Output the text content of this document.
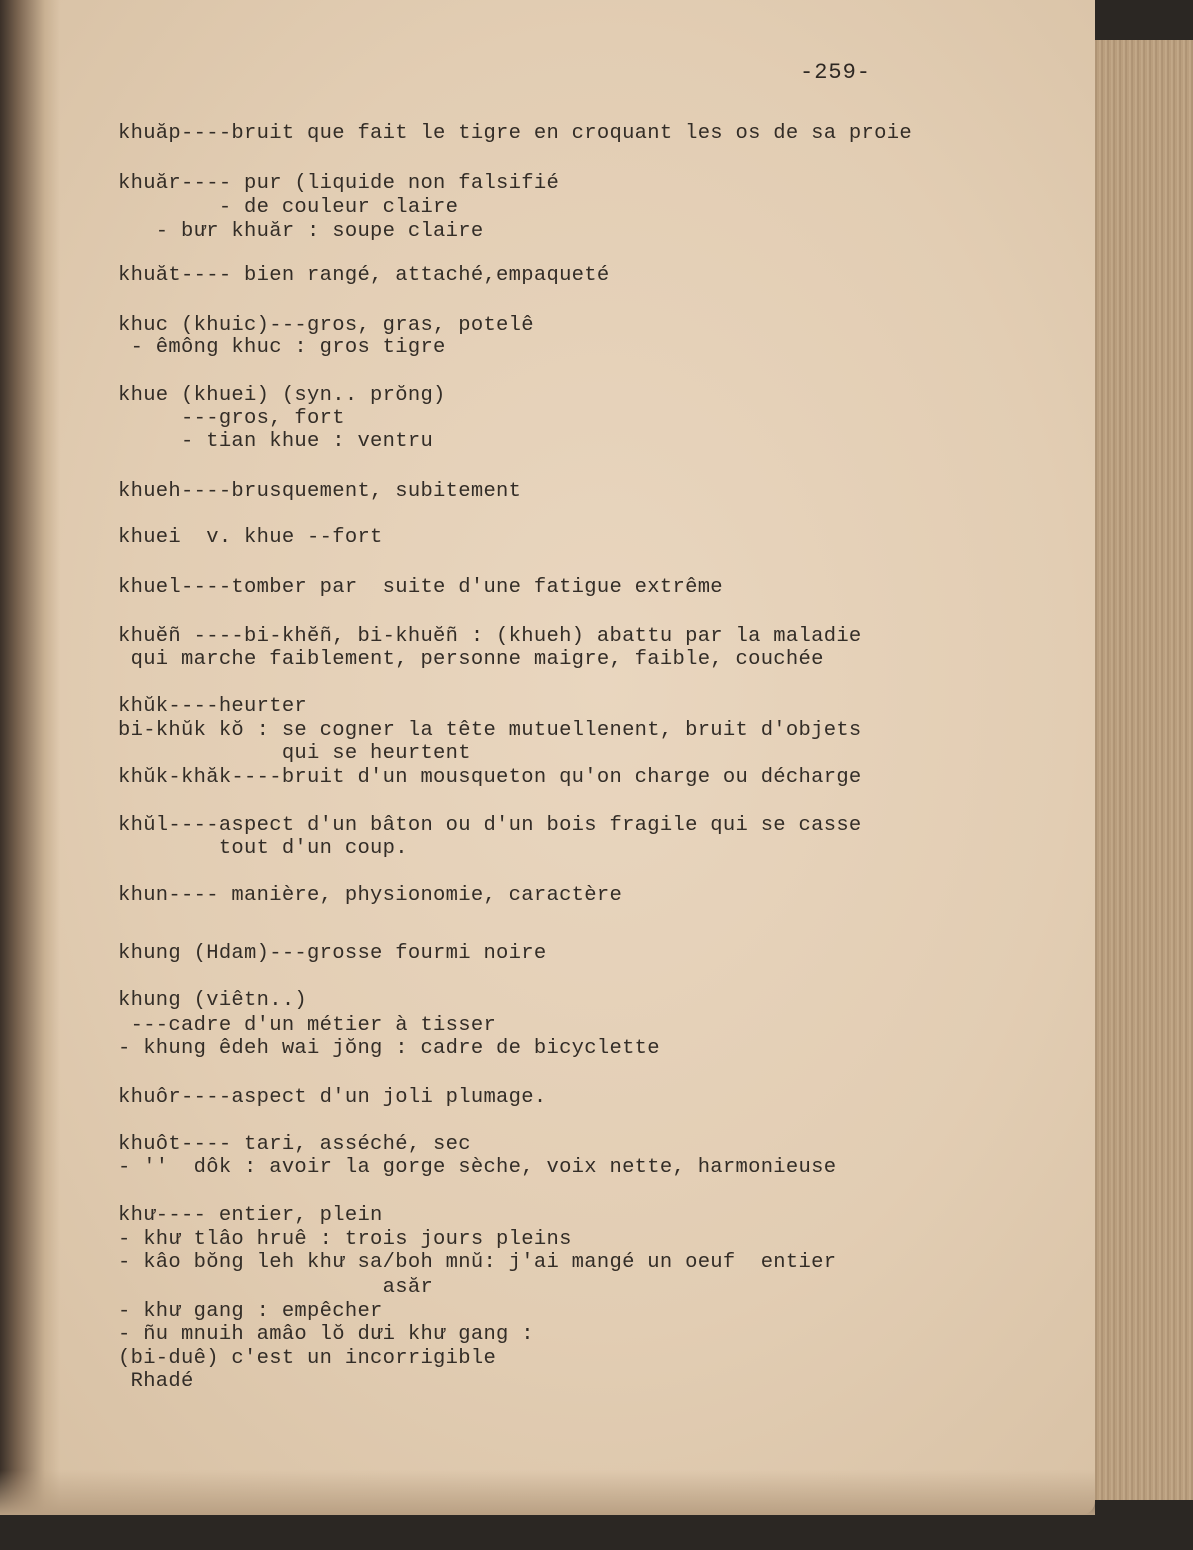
-259-
khuăp----bruit que fait le tigre en croquant les os de sa proie
khuăr---- pur (liquide non falsifié
- de couleur claire
- bưr khuăr : soupe claire
khuăt---- bien rangé, attaché,empaqueté
khuc (khuic)---gros, gras, potelê
- êmông khuc : gros tigre
khue (khuei) (syn.. prŏng)
---gros, fort
- tian khue : ventru
khueh----brusquement, subitement
khuei  v. khue --fort
khuel----tomber par  suite d'une fatigue extrême
khuĕñ ----bi-khĕñ, bi-khuĕñ : (khueh) abattu par la maladie
qui marche faiblement, personne maigre, faible, couchée
khŭk----heurter
bi-khŭk kŏ : se cogner la tête mutuellenent, bruit d'objets
qui se heurtent
khŭk-khăk----bruit d'un mousqueton qu'on charge ou décharge
khŭl----aspect d'un bâton ou d'un bois fragile qui se casse
tout d'un coup.
khun---- manière, physionomie, caractère
khung (Hdam)---grosse fourmi noire
khung (viêtn..)
---cadre d'un métier à tisser
- khung êdeh wai jŏng : cadre de bicyclette
khuôr----aspect d'un joli plumage.
khuôt---- tari, asséché, sec
- ''  dôk : avoir la gorge sèche, voix nette, harmonieuse
khư---- entier, plein
- khư tlâo hruê : trois jours pleins
- kâo bŏng leh khư sa/boh mnŭ: j'ai mangé un oeuf  entier
asăr
- khư gang : empêcher
- ñu mnuih amâo lŏ dưi khư gang :
(bi-duê) c'est un incorrigible
Rhadé
